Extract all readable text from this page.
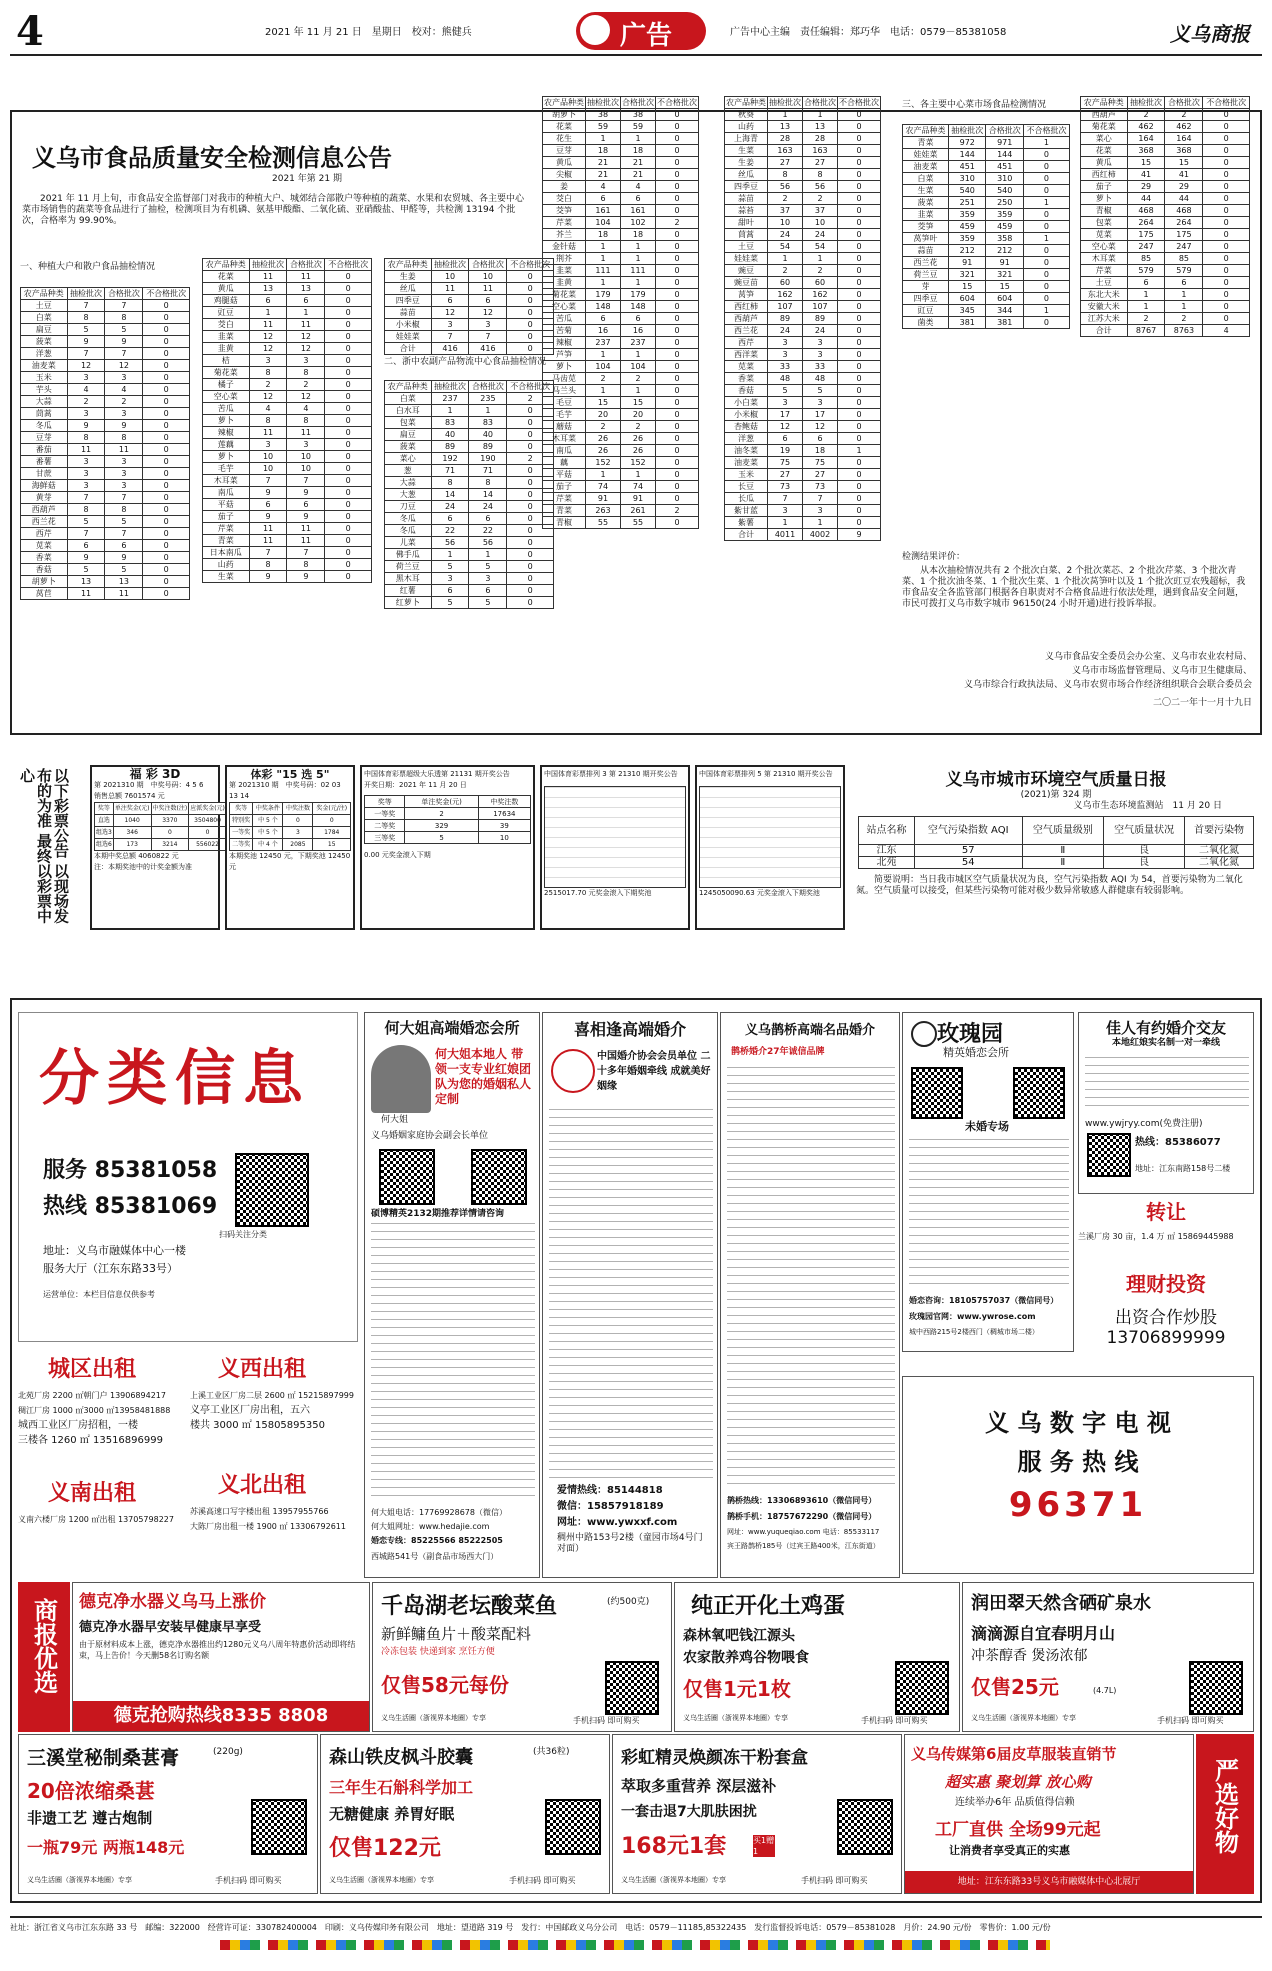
4	2021 年 11 月 21 日　星期日　校对：熊健兵	广告	广告中心主编　责任编辑：郑巧华　电话：0579－85381058	义乌商报
义乌市食品质量安全检测信息公告
2021 年第 21 期
2021 年 11 月上旬，市食品安全监督部门对我市的种植大户、城郊结合部散户等种植的蔬菜、水果和农贸城、各主要中心菜市场销售的蔬菜等食品进行了抽检，检测项目为有机磷、氨基甲酸酯、二氧化硫、亚硝酸盐、甲醛等，共检测 13194 个批次，合格率为 99.90%。
一、种植大户和散户食品抽检情况
农产品种类	抽检批次	合格批次	不合格批次
土豆	7	7	0
白菜	8	8	0
扁豆	5	5	0
菠菜	9	9	0
洋葱	7	7	0
油麦菜	12	12	0
玉米	3	3	0
芋头	4	4	0
大蒜	2	2	0
茼蒿	3	3	0
冬瓜	9	9	0
豆芽	8	8	0
番茄	11	11	0
番薯	3	3	0
甘蔗	3	3	0
海鲜菇	3	3	0
黄芽	7	7	0
西葫芦	8	8	0
西兰花	5	5	0
西芹	7	7	0
苋菜	6	6	0
香菜	9	9	0
香菇	5	5	0
胡萝卜	13	13	0
莴苣	11	11	0
农产品种类	抽检批次	合格批次	不合格批次
花菜	11	11	0
黄瓜	13	13	0
鸡腿菇	6	6	0
豇豆	1	1	0
茭白	11	11	0
韭菜	12	12	0
韭黄	12	12	0
桔	3	3	0
菊花菜	8	8	0
橘子	2	2	0
空心菜	12	12	0
苦瓜	4	4	0
萝卜	8	8	0
辣椒	11	11	0
莲藕	3	3	0
萝卜	10	10	0
毛芋	10	10	0
木耳菜	7	7	0
南瓜	9	9	0
平菇	6	6	0
茄子	9	9	0
芹菜	11	11	0
青菜	11	11	0
日本南瓜	7	7	0
山药	8	8	0
生菜	9	9	0
农产品种类	抽检批次	合格批次	不合格批次
生姜	10	10	0
丝瓜	11	11	0
四季豆	6	6	0
蒜苗	12	12	0
小米椒	3	3	0
娃娃菜	7	7	0
合计	416	416	0
二、浙中农副产品物流中心食品抽检情况
农产品种类	抽检批次	合格批次	不合格批次
白菜	237	235	2
白水耳	1	1	0
包菜	83	83	0
扁豆	40	40	0
菠菜	89	89	0
菜心	192	190	2
葱	71	71	0
大蒜	8	8	0
大葱	14	14	0
刀豆	24	24	0
冬瓜	6	6	0
冬瓜	22	22	0
儿菜	56	56	0
佛手瓜	1	1	0
荷兰豆	5	5	0
黑木耳	3	3	0
红薯	6	6	0
红萝卜	5	5	0
农产品种类	抽检批次	合格批次	不合格批次
胡萝卜	38	38	0
花菜	59	59	0
花生	1	1	0
豆芽	18	18	0
黄瓜	21	21	0
尖椒	21	21	0
姜	4	4	0
茭白	6	6	0
茭笋	161	161	0
芹菜	104	102	2
芥兰	18	18	0
金针菇	1	1	0
荆芥	1	1	0
韭菜	111	111	0
韭黄	1	1	0
菊花菜	179	179	0
空心菜	148	148	0
苦瓜	6	6	0
苦菊	16	16	0
辣椒	237	237	0
芦笋	1	1	0
萝卜	104	104	0
马齿苋	2	2	0
马兰头	1	1	0
毛豆	15	15	0
毛芋	20	20	0
蘑菇	2	2	0
木耳菜	26	26	0
南瓜	26	26	0
藕	152	152	0
平菇	1	1	0
茄子	74	74	0
芹菜	91	91	0
青菜	263	261	2
青椒	55	55	0
农产品种类	抽检批次	合格批次	不合格批次
秋葵	1	1	0
山药	13	13	0
上海青	28	28	0
生菜	163	163	0
生姜	27	27	0
丝瓜	8	8	0
四季豆	56	56	0
蒜苗	2	2	0
蒜苔	37	37	0
甜叶	10	10	0
茼蒿	24	24	0
土豆	54	54	0
娃娃菜	1	1	0
豌豆	2	2	0
豌豆苗	60	60	0
莴笋	162	162	0
西红柿	107	107	0
西葫芦	89	89	0
西兰花	24	24	0
西芹	3	3	0
西洋菜	3	3	0
苋菜	33	33	0
香菜	48	48	0
香菇	5	5	0
小白菜	3	3	0
小米椒	17	17	0
杏鲍菇	12	12	0
洋葱	6	6	0
油冬菜	19	18	1
油麦菜	75	75	0
玉米	27	27	0
长豆	73	73	0
长瓜	7	7	0
紫甘蓝	3	3	0
紫薯	1	1	0
合计	4011	4002	9
三、各主要中心菜市场食品检测情况
农产品种类	抽检批次	合格批次	不合格批次
青菜	972	971	1
娃娃菜	144	144	0
油麦菜	451	451	0
白菜	310	310	0
生菜	540	540	0
菠菜	251	250	1
韭菜	359	359	0
茭笋	459	459	0
莴笋叶	359	358	1
蒜苗	212	212	0
西兰花	91	91	0
荷兰豆	321	321	0
芽	15	15	0
四季豆	604	604	0
豇豆	345	344	1
菌类	381	381	0
农产品种类	抽检批次	合格批次	不合格批次
西葫芦	2	2	0
菊花菜	462	462	0
菜心	164	164	0
花菜	368	368	0
黄瓜	15	15	0
西红柿	41	41	0
茄子	29	29	0
萝卜	44	44	0
青椒	468	468	0
包菜	264	264	0
苋菜	175	175	0
空心菜	247	247	0
木耳菜	85	85	0
芹菜	579	579	0
土豆	6	6	0
东北大米	1	1	0
安徽大米	1	1	0
江苏大米	2	2	0
合计	8767	8763	4
检测结果评价：
从本次抽检情况共有 2 个批次白菜、2 个批次菜芯、2 个批次芹菜、3 个批次青菜、1 个批次油冬菜、1 个批次生菜、1 个批次莴笋叶以及 1 个批次豇豆农残超标，我市食品安全各监管部门根据各自职责对不合格食品进行依法处理，遇到食品安全问题，市民可拨打义乌市数字城市 96150(24 小时开通)进行投诉举报。
义乌市食品安全委员会办公室、义乌市农业农村局、
义乌市市场监督管理局、义乌市卫生健康局、
义乌市综合行政执法局、义乌市农贸市场合作经济组织联合会联合委员会
二〇二一年十一月十九日
以下彩票公告 以现场发布的为准 最终以彩票中心	福 彩 3D
第 2021310 期　中奖号码：4 5 6
销售总额 7601574 元
奖等	单注奖金(元)	中奖注数(注)	应派奖金(元)
直选	1040	3370	3504800
组选3	346	0	0
组选6	173	3214	556022
本期中奖总额 4060822 元
注：本期奖池中的计奖金额为准
体彩 "15 选 5"
第 2021310 期　中奖号码：02 03 13 14
奖等	中奖条件	中奖注数	奖金(元/注)
特别奖	中 5 个	0	0
一等奖	中 5 个	3	1784
二等奖	中 4 个	2085	15
本期奖池 12450 元，下期奖池 12450 元
中国体育彩票超级大乐透第 21131 期开奖公告
开奖日期：2021 年 11 月 20 日
奖等	单注奖金(元)	中奖注数
一等奖	2	17634
二等奖	329	39
三等奖	5	10
0.00 元奖金滚入下期
中国体育彩票排列 3 第 21310 期开奖公告
2515017.70 元奖金滚入下期奖池
中国体育彩票排列 5 第 21310 期开奖公告
1245050090.63 元奖金滚入下期奖池
义乌市城市环境空气质量日报
(2021)第 324 期
义乌市生态环境监测站　11 月 20 日
站点名称	空气污染指数 AQI	空气质量级别	空气质量状况	首要污染物
江东	57	Ⅱ	良	二氧化氮
北苑	54	Ⅱ	良	二氧化氮
简要说明：当日我市城区空气质量状况为良，空气污染指数 AQI 为 54，首要污染物为二氧化氮。空气质量可以接受，但某些污染物可能对极少数异常敏感人群健康有较弱影响。
分类信息
服务 85381058
热线 85381069
扫码关注分类
地址：义乌市融媒体中心一楼
服务大厅（江东东路33号）
运营单位：本栏目信息仅供参考
城区出租	义西出租
北苑厂房 2200 ㎡朝门户 13906894217
稠江厂房 1000 ㎡3000 ㎡13958481888
城西工业区厂房招租，一楼
三楼各 1260 ㎡ 13516896999
上溪工业区厂房二层 2600 ㎡ 15215897999
义亭工业区厂房出租，五六
楼共 3000 ㎡ 15805895350
义南出租	义北出租
苏溪高速口写字楼出租 13957955766
大陈厂房出租一楼 1900 ㎡ 13306792611
义南六楼厂房 1200 ㎡出租 13705798227
何大姐高端婚恋会所
何大姐本地人 带领一支专业红娘团队为您的婚姻私人定制
何大姐
义乌婚姻家庭协会副会长单位
硕博精英2132期推荐详情请咨询
何大姐电话：17769928678（微信）
何大姐网址：www.hedajie.com
婚恋专线：85225566 85222505
西城路541号（副食品市场西大门）
喜相逢高端婚介
中国婚介协会会员单位 二十多年婚姻牵线 成就美好姻缘
爱情热线：85144818
微信：15857918189
网址：www.ywxxf.com
稠州中路153号2楼（童园市场4号门对面）
义乌鹊桥高端名品婚介
鹊桥婚介27年诚信品牌
鹊桥热线：13306893610（微信同号）
鹊桥手机：18757672290（微信同号）
网址：www.yuqueqiao.com 电话：85533117
宾王路鹊桥185号（过宾王路400米，江东街道）
玫瑰园
精英婚恋会所
未婚专场
婚恋咨询：18105757037（微信同号）
玫瑰园官网：www.ywrose.com
城中西路215号2楼西门（稠城市场二楼）
佳人有约婚介交友
本地红娘实名制一对一牵线
www.ywjryy.com(免费注册)
热线：85386077
地址：江东南路158号二楼
转让
兰溪厂房 30 亩，1.4 万 ㎡ 15869445988
理财投资
出资合作炒股
13706899999
义 乌 数 字 电 视
服 务 热 线
96371
商报优选	德克净水器义乌马上涨价
德克净水器早安装早健康早享受
由于原材料成本上涨，德克净水器推出约1280元义乌八周年特惠价活动即将结束，马上告价！今天删58名订购名额
德克抢购热线8335 8808
千岛湖老坛酸菜鱼	(约500克)
新鲜鳙鱼片＋酸菜配料
冷冻包装 快递到家 烹饪方便
仅售58元每份
义乌生活圈（浙视界本地圈）专享	手机扫码 即可购买
纯正开化土鸡蛋
森林氧吧钱江源头
农家散养鸡谷物喂食
仅售1元1枚
义乌生活圈（浙视界本地圈）专享	手机扫码 即可购买
润田翠天然含硒矿泉水
滴滴源自宜春明月山
冲茶醇香 煲汤浓郁
仅售25元	(4.7L)
义乌生活圈（浙视界本地圈）专享	手机扫码 即可购买
三溪堂秘制桑葚膏	(220g)
20倍浓缩桑葚
非遗工艺 遵古炮制
一瓶79元 两瓶148元
义乌生活圈（浙视界本地圈）专享	手机扫码 即可购买
森山铁皮枫斗胶囊	(共36粒)
三年生石斛科学加工
无糖健康 养胃好眠
仅售122元
义乌生活圈（浙视界本地圈）专享	手机扫码 即可购买
彩虹精灵焕颜冻干粉套盒
萃取多重营养 深层滋补
一套击退7大肌肤困扰
168元1套	买1赠1
义乌生活圈（浙视界本地圈）专享	手机扫码 即可购买
义乌传媒第6届皮草服装直销节
超实惠 聚划算 放心购
连续举办6年 品质值得信赖
工厂直供 全场99元起
让消费者享受真正的实惠
地址：江东东路33号义乌市融媒体中心北展厅
严选好物
社址：浙江省义乌市江东东路 33 号　邮编：322000　经营许可证：330782400004　印刷：义乌传媒印务有限公司　地址：望道路 319 号　发行：中国邮政义乌分公司　电话：0579－11185,85322435　发行监督投诉电话：0579－85381028　月价：24.90 元/份　零售价：1.00 元/份
